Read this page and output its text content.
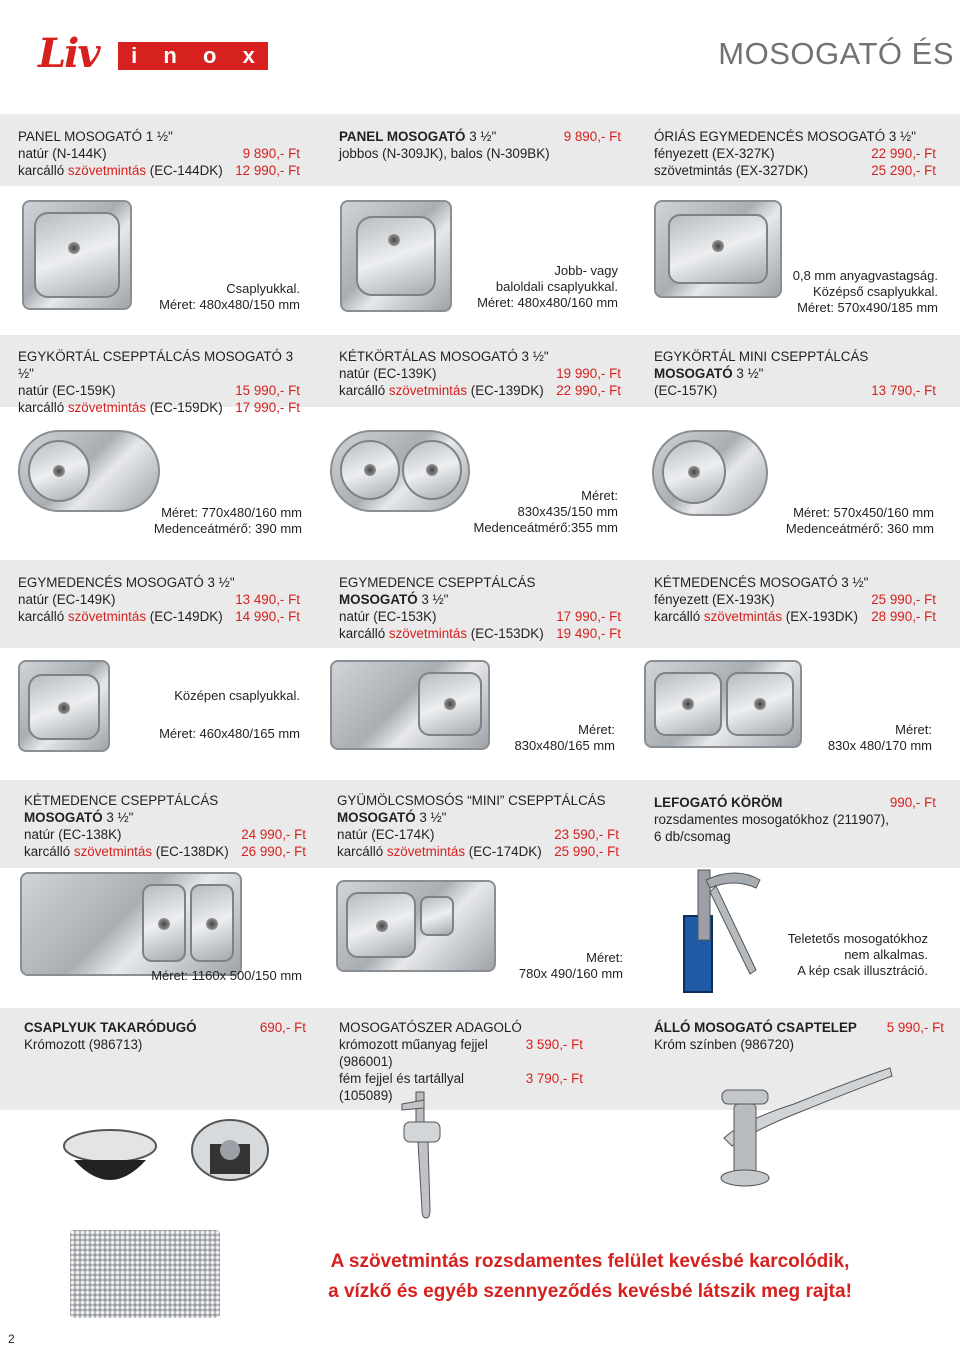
Liv i n o x	MOSOGATÓ ÉS
PANEL MOSOGATÓ 1 ½"
natúr (N-144K)	9 890,- Ft
karcálló szövetmintás (EC-144DK) 12 990,- Ft
PANEL MOSOGATÓ 3 ½"	9 890,- Ft
jobbos (N-309JK), balos (N-309BK)
ÓRIÁS EGYMEDENCÉS MOSOGATÓ 3 ½"
fényezett (EX-327K)	22 990,- Ft
szövetmintás (EX-327DK)	25 290,- Ft
Csaplyukkal.
Méret: 480x480/150 mm
Jobb- vagy
baloldali csaplyukkal.
Méret: 480x480/160 mm
0,8 mm anyagvastagság.
Középső csaplyukkal.
Méret: 570x490/185 mm
EGYKÖRTÁL CSEPPTÁLCÁS MOSOGATÓ 3 ½"
natúr (EC-159K)	15 990,- Ft
karcálló szövetmintás (EC-159DK) 17 990,- Ft
KÉTKÖRTÁLAS MOSOGATÓ 3 ½"
natúr (EC-139K)	19 990,- Ft
karcálló szövetmintás (EC-139DK) 22 990,- Ft
EGYKÖRTÁL MINI CSEPPTÁLCÁS
MOSOGATÓ 3 ½"
(EC-157K)	13 790,- Ft
Méret: 770x480/160 mm
Medenceátmérő: 390 mm
Méret:
830x435/150 mm
Medenceátmérő:355 mm
Méret: 570x450/160 mm
Medenceátmérő: 360 mm
EGYMEDENCÉS MOSOGATÓ 3 ½"
natúr (EC-149K)	13 490,- Ft
karcálló szövetmintás (EC-149DK) 14 990,- Ft
EGYMEDENCE CSEPPTÁLCÁS
MOSOGATÓ 3 ½"
natúr (EC-153K)	17 990,- Ft
karcálló szövetmintás (EC-153DK) 19 490,- Ft
KÉTMEDENCÉS MOSOGATÓ 3 ½"
fényezett (EX-193K)	25 990,- Ft
karcálló szövetmintás (EX-193DK) 28 990,- Ft
Középen csaplyukkal.
Méret: 460x480/165 mm	Méret:
830x480/165 mm
Méret:
830x 480/170 mm
KÉTMEDENCE CSEPPTÁLCÁS
MOSOGATÓ 3 ½"
natúr (EC-138K)	24 990,- Ft
karcálló szövetmintás (EC-138DK) 26 990,- Ft
GYÜMÖLCSMOSÓS “MINI” CSEPPTÁLCÁS
MOSOGATÓ 3 ½"
natúr (EC-174K)	23 590,- Ft
karcálló szövetmintás (EC-174DK) 25 990,- Ft
LEFOGATÓ KÖRÖM	990,- Ft
rozsdamentes mosogatókhoz (211907),
6 db/csomag
Méret: 1160x 500/150 mm
Méret:
780x 490/160 mm
Teletetős mosogatókhoz
nem alkalmas.
A kép csak illusztráció.
CSAPLYUK TAKARÓDUGÓ	690,- Ft
Krómozott (986713)
MOSOGATÓSZER ADAGOLÓ
krómozott műanyag fejjel	3 590,- Ft
(986001)
fém fejjel és tartállyal	3 790,- Ft
(105089)
ÁLLÓ MOSOGATÓ CSAPTELEP 5 990,- Ft
Króm színben (986720)
A szövetmintás rozsdamentes felület kevésbé karcolódik,
a vízkő és egyéb szennyeződés kevésbé látszik meg rajta!
2
